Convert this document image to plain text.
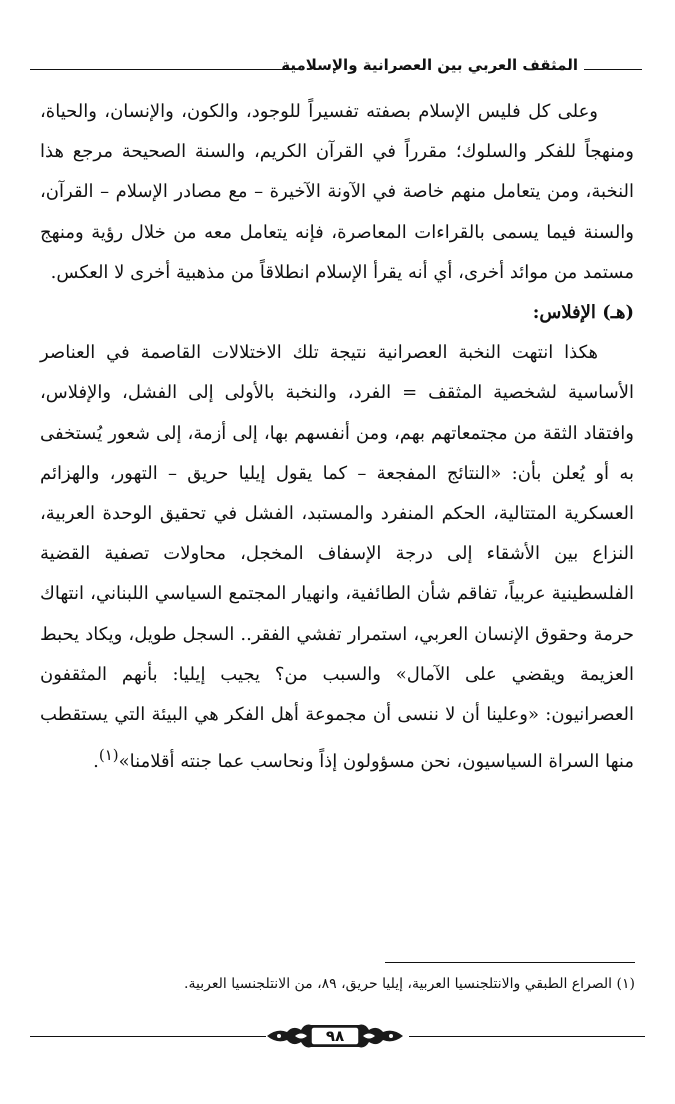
المثقف العربي بين العصرانية والإسلامية

وعلى كل فليس الإسلام بصفته تفسيراً للوجود، والكون، والإنسان، والحياة، ومنهجاً للفكر والسلوك؛ مقرراً في القرآن الكريم، والسنة الصحيحة مرجع هذا النخبة، ومن يتعامل منهم خاصة في الآونة الآخيرة – مع مصادر الإسلام – القرآن، والسنة فيما يسمى بالقراءات المعاصرة، فإنه يتعامل معه من خلال رؤية ومنهج مستمد من موائد أخرى، أي أنه يقرأ الإسلام انطلاقاً من مذهبية أخرى لا العكس.

(هـ) الإفلاس:

هكذا انتهت النخبة العصرانية نتيجة تلك الاختلالات القاصمة في العناصر الأساسية لشخصية المثقف = الفرد، والنخبة بالأولى إلى الفشل، والإفلاس، وافتقاد الثقة من مجتمعاتهم بهم، ومن أنفسهم بها، إلى أزمة، إلى شعور يُستخفى به أو يُعلن بأن: «النتائج المفجعة – كما يقول إيليا حريق – التهور، والهزائم العسكرية المتتالية، الحكم المنفرد والمستبد، الفشل في تحقيق الوحدة العربية، النزاع بين الأشقاء إلى درجة الإسفاف المخجل، محاولات تصفية القضية الفلسطينية عربياً، تفاقم شأن الطائفية، وانهيار المجتمع السياسي اللبناني، انتهاك حرمة وحقوق الإنسان العربي، استمرار تفشي الفقر.. السجل طويل، ويكاد يحبط العزيمة ويقضي على الآمال» والسبب من؟ يجيب إيليا: بأنهم المثقفون العصرانيون: «وعلينا أن لا ننسى أن مجموعة أهل الفكر هي البيئة التي يستقطب منها السراة السياسيون، نحن مسؤولون إذاً ونحاسب عما جنته أقلامنا»$^{(١)}$.

(١) الصراع الطبقي والانتلجنسيا العربية، إيليا حريق، ٨٩، من الانتلجنسيا العربية.
٩٨
